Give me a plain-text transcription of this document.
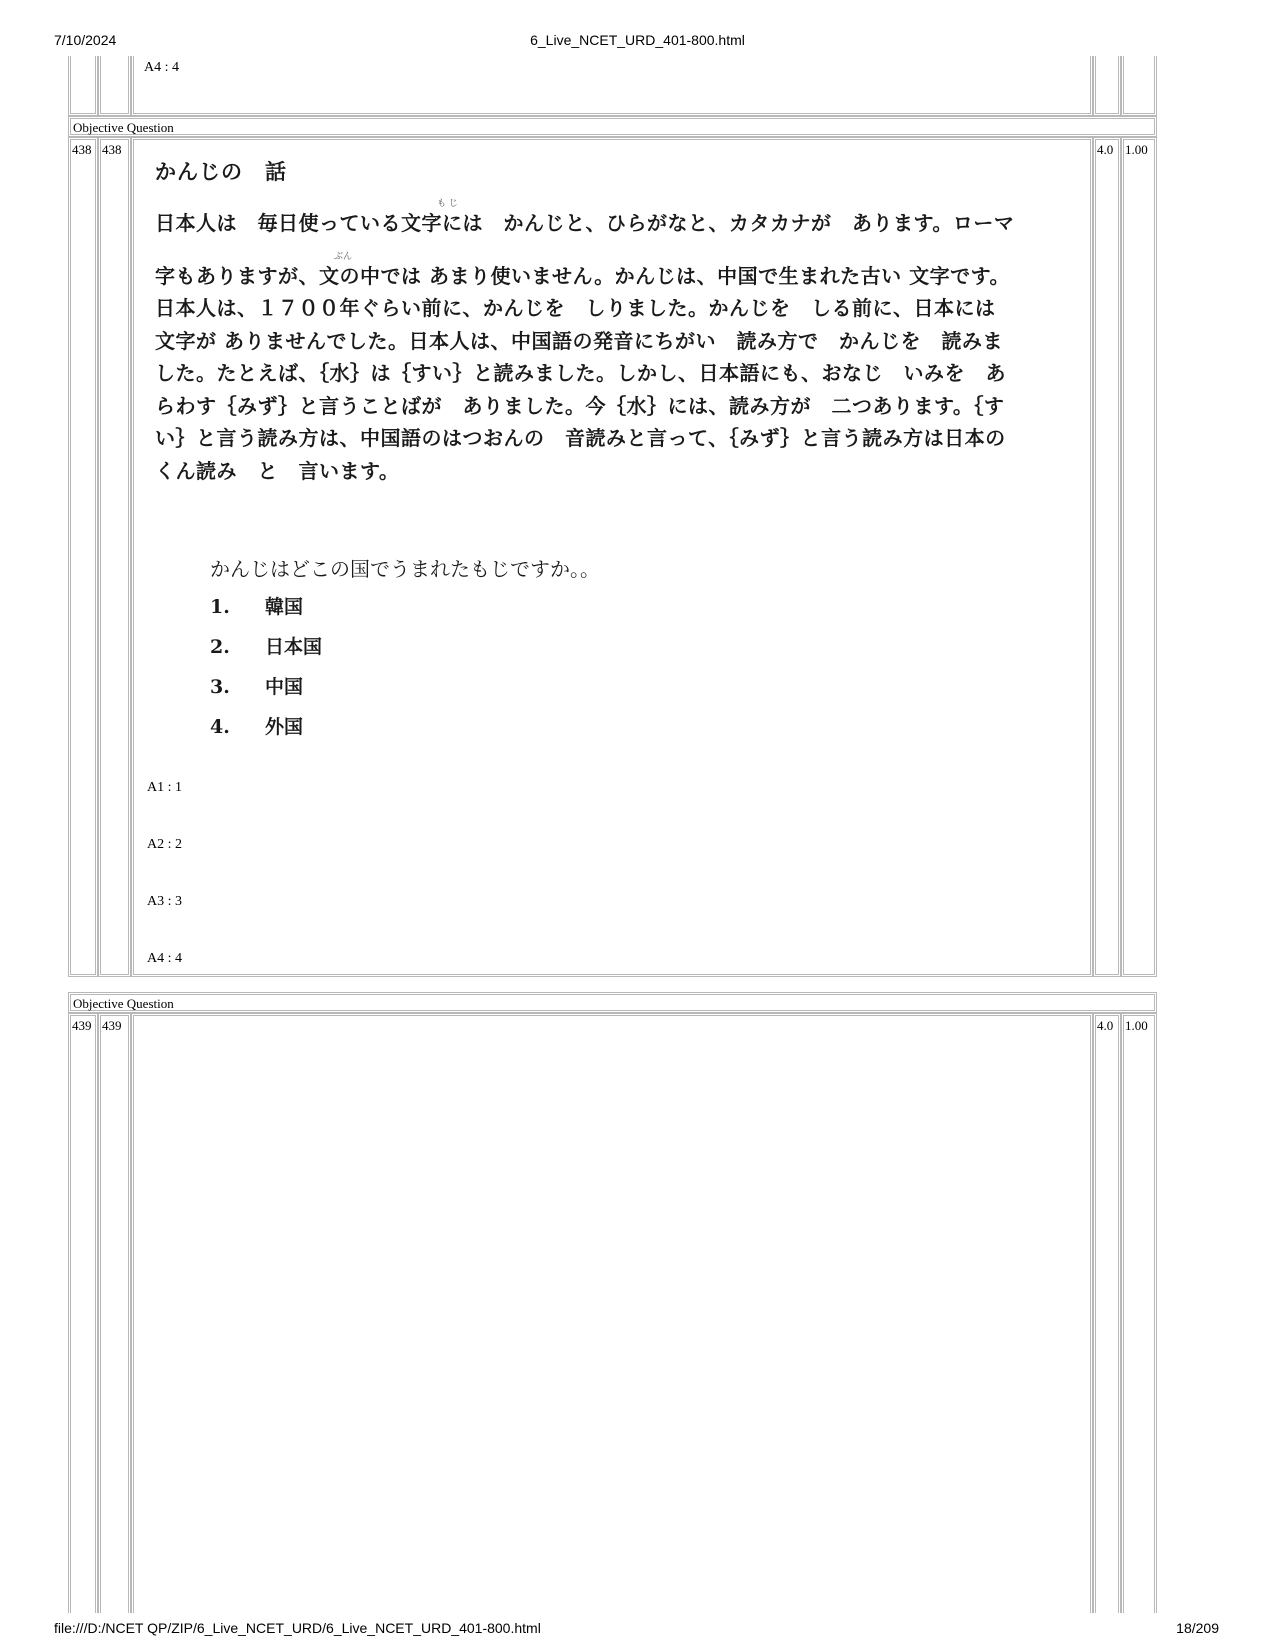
7/10/2024	6_Live_NCET_URD_401-800.html
A4 : 4
Objective Question
438 438	4.0 1.00
かんじの　話
も じ
ぶん

日本人は　毎日使っている文字には　かんじと、ひらがなと、カタカナが　あります。ローマ

字もありますが、文の中では あまり使いません。かんじは、中国で生まれた古い 文字です。

日本人は、１７００年ぐらい前に、かんじを　しりました。かんじを　しる前に、日本には

文字が ありませんでした。日本人は、中国語の発音にちがい　読み方で　かんじを　読みま

した。たとえば、｛水｝は｛すい｝と読みました。しかし、日本語にも、おなじ　いみを　あ

らわす｛みず｝と言うことばが　ありました。今｛水｝には、読み方が　二つあります。｛す

い｝と言う読み方は、中国語のはつおんの　音読みと言って、｛みず｝と言う読み方は日本の

くん読み　と　言います。

かんじはどこの国でうまれたもじですか。。
1. 韓国
2. 日本国
3. 中国
4. 外国
A1 : 1
A2 : 2
A3 : 3
A4 : 4
Objective Question
439 439	4.0 1.00
file:///D:/NCET QP/ZIP/6_Live_NCET_URD/6_Live_NCET_URD_401-800.html	18/209
